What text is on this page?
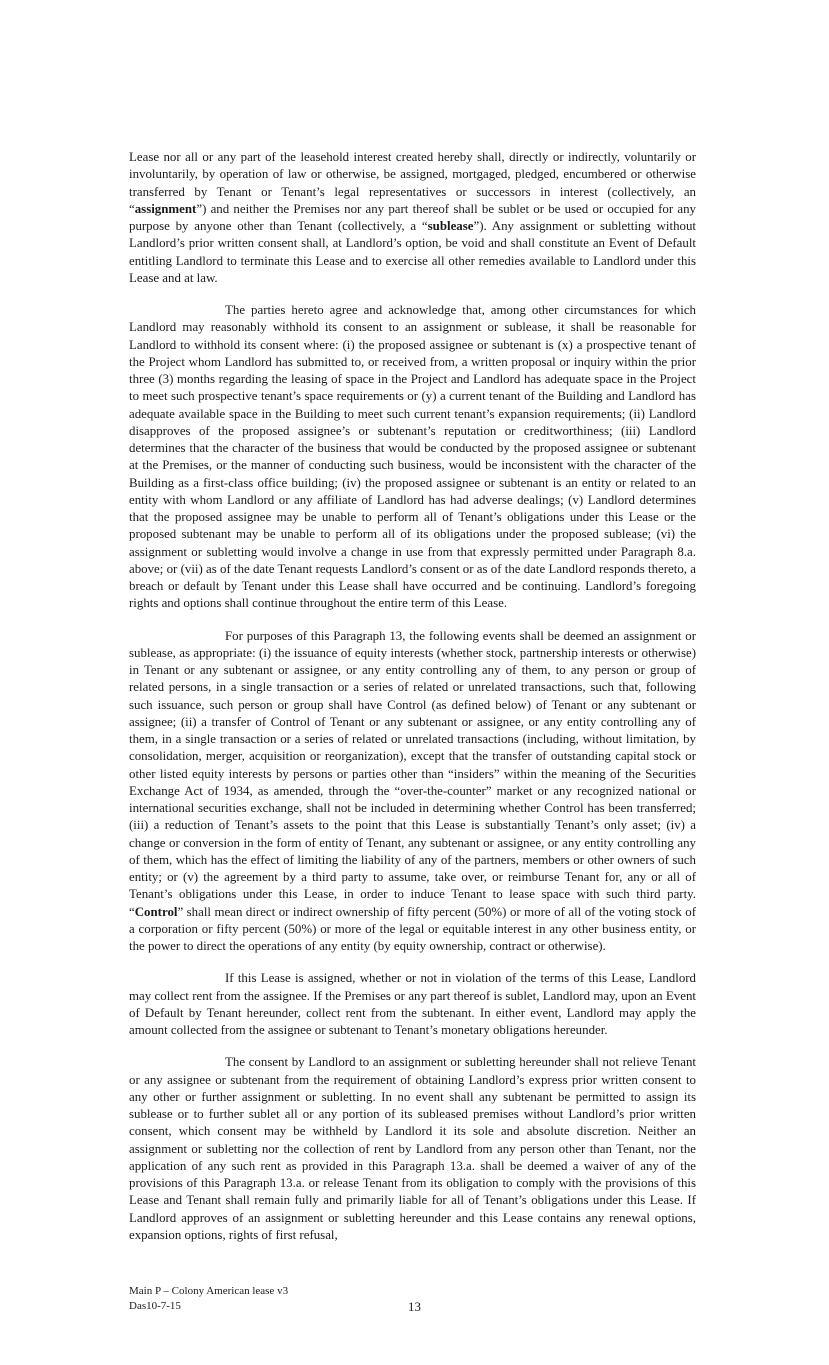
Lease nor all or any part of the leasehold interest created hereby shall, directly or indirectly, voluntarily or involuntarily, by operation of law or otherwise, be assigned, mortgaged, pledged, encumbered or otherwise transferred by Tenant or Tenant’s legal representatives or successors in interest (collectively, an “assignment”) and neither the Premises nor any part thereof shall be sublet or be used or occupied for any purpose by anyone other than Tenant (collectively, a “sublease”). Any assignment or subletting without Landlord’s prior written consent shall, at Landlord’s option, be void and shall constitute an Event of Default entitling Landlord to terminate this Lease and to exercise all other remedies available to Landlord under this Lease and at law.

The parties hereto agree and acknowledge that, among other circumstances for which Landlord may reasonably withhold its consent to an assignment or sublease, it shall be reasonable for Landlord to withhold its consent where: (i) the proposed assignee or subtenant is (x) a prospective tenant of the Project whom Landlord has submitted to, or received from, a written proposal or inquiry within the prior three (3) months regarding the leasing of space in the Project and Landlord has adequate space in the Project to meet such prospective tenant’s space requirements or (y) a current tenant of the Building and Landlord has adequate available space in the Building to meet such current tenant’s expansion requirements; (ii) Landlord disapproves of the proposed assignee’s or subtenant’s reputation or creditworthiness; (iii) Landlord determines that the character of the business that would be conducted by the proposed assignee or subtenant at the Premises, or the manner of conducting such business, would be inconsistent with the character of the Building as a first-class office building; (iv) the proposed assignee or subtenant is an entity or related to an entity with whom Landlord or any affiliate of Landlord has had adverse dealings; (v) Landlord determines that the proposed assignee may be unable to perform all of Tenant’s obligations under this Lease or the proposed subtenant may be unable to perform all of its obligations under the proposed sublease; (vi) the assignment or subletting would involve a change in use from that expressly permitted under Paragraph 8.a. above; or (vii) as of the date Tenant requests Landlord’s consent or as of the date Landlord responds thereto, a breach or default by Tenant under this Lease shall have occurred and be continuing. Landlord’s foregoing rights and options shall continue throughout the entire term of this Lease.

For purposes of this Paragraph 13, the following events shall be deemed an assignment or sublease, as appropriate: (i) the issuance of equity interests (whether stock, partnership interests or otherwise) in Tenant or any subtenant or assignee, or any entity controlling any of them, to any person or group of related persons, in a single transaction or a series of related or unrelated transactions, such that, following such issuance, such person or group shall have Control (as defined below) of Tenant or any subtenant or assignee; (ii) a transfer of Control of Tenant or any subtenant or assignee, or any entity controlling any of them, in a single transaction or a series of related or unrelated transactions (including, without limitation, by consolidation, merger, acquisition or reorganization), except that the transfer of outstanding capital stock or other listed equity interests by persons or parties other than “insiders” within the meaning of the Securities Exchange Act of 1934, as amended, through the “over-the-counter” market or any recognized national or international securities exchange, shall not be included in determining whether Control has been transferred; (iii) a reduction of Tenant’s assets to the point that this Lease is substantially Tenant’s only asset; (iv) a change or conversion in the form of entity of Tenant, any subtenant or assignee, or any entity controlling any of them, which has the effect of limiting the liability of any of the partners, members or other owners of such entity; or (v) the agreement by a third party to assume, take over, or reimburse Tenant for, any or all of Tenant’s obligations under this Lease, in order to induce Tenant to lease space with such third party. “Control” shall mean direct or indirect ownership of fifty percent (50%) or more of all of the voting stock of a corporation or fifty percent (50%) or more of the legal or equitable interest in any other business entity, or the power to direct the operations of any entity (by equity ownership, contract or otherwise).

If this Lease is assigned, whether or not in violation of the terms of this Lease, Landlord may collect rent from the assignee. If the Premises or any part thereof is sublet, Landlord may, upon an Event of Default by Tenant hereunder, collect rent from the subtenant. In either event, Landlord may apply the amount collected from the assignee or subtenant to Tenant’s monetary obligations hereunder.

The consent by Landlord to an assignment or subletting hereunder shall not relieve Tenant or any assignee or subtenant from the requirement of obtaining Landlord’s express prior written consent to any other or further assignment or subletting. In no event shall any subtenant be permitted to assign its sublease or to further sublet all or any portion of its subleased premises without Landlord’s prior written consent, which consent may be withheld by Landlord it its sole and absolute discretion. Neither an assignment or subletting nor the collection of rent by Landlord from any person other than Tenant, nor the application of any such rent as provided in this Paragraph 13.a. shall be deemed a waiver of any of the provisions of this Paragraph 13.a. or release Tenant from its obligation to comply with the provisions of this Lease and Tenant shall remain fully and primarily liable for all of Tenant’s obligations under this Lease. If Landlord approves of an assignment or subletting hereunder and this Lease contains any renewal options, expansion options, rights of first refusal,

Main P – Colony American lease v3
Das10-7-15	13
